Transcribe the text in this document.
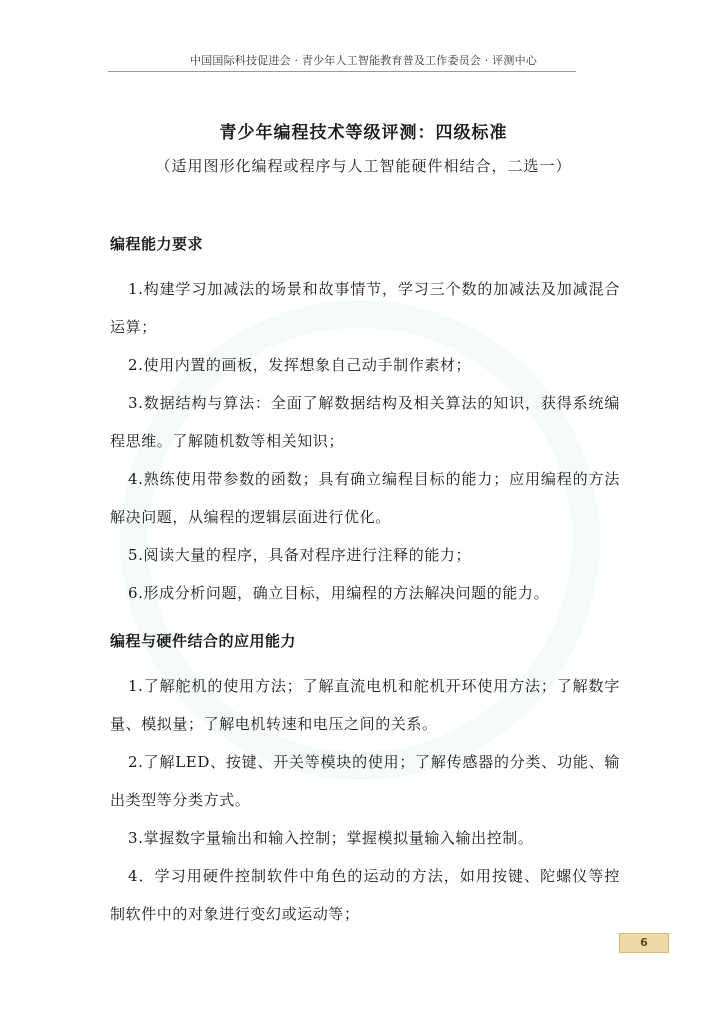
中国国际科技促进会 · 青少年人工智能教育普及工作委员会 · 评测中心
青少年编程技术等级评测：四级标准
（适用图形化编程或程序与人工智能硬件相结合，二选一）
编程能力要求

1.构建学习加减法的场景和故事情节，学习三个数的加减法及加减混合运算；

2.使用内置的画板，发挥想象自己动手制作素材；

3.数据结构与算法：全面了解数据结构及相关算法的知识，获得系统编程思维。了解随机数等相关知识；

4.熟练使用带参数的函数；具有确立编程目标的能力；应用编程的方法解决问题，从编程的逻辑层面进行优化。

5.阅读大量的程序，具备对程序进行注释的能力；

6.形成分析问题，确立目标，用编程的方法解决问题的能力。

编程与硬件结合的应用能力

1.了解舵机的使用方法；了解直流电机和舵机开环使用方法；了解数字量、模拟量；了解电机转速和电压之间的关系。

2.了解LED、按键、开关等模块的使用；了解传感器的分类、功能、输出类型等分类方式。

3.掌握数字量输出和输入控制；掌握模拟量输入输出控制。

4．学习用硬件控制软件中角色的运动的方法，如用按键、陀螺仪等控制软件中的对象进行变幻或运动等；

6
